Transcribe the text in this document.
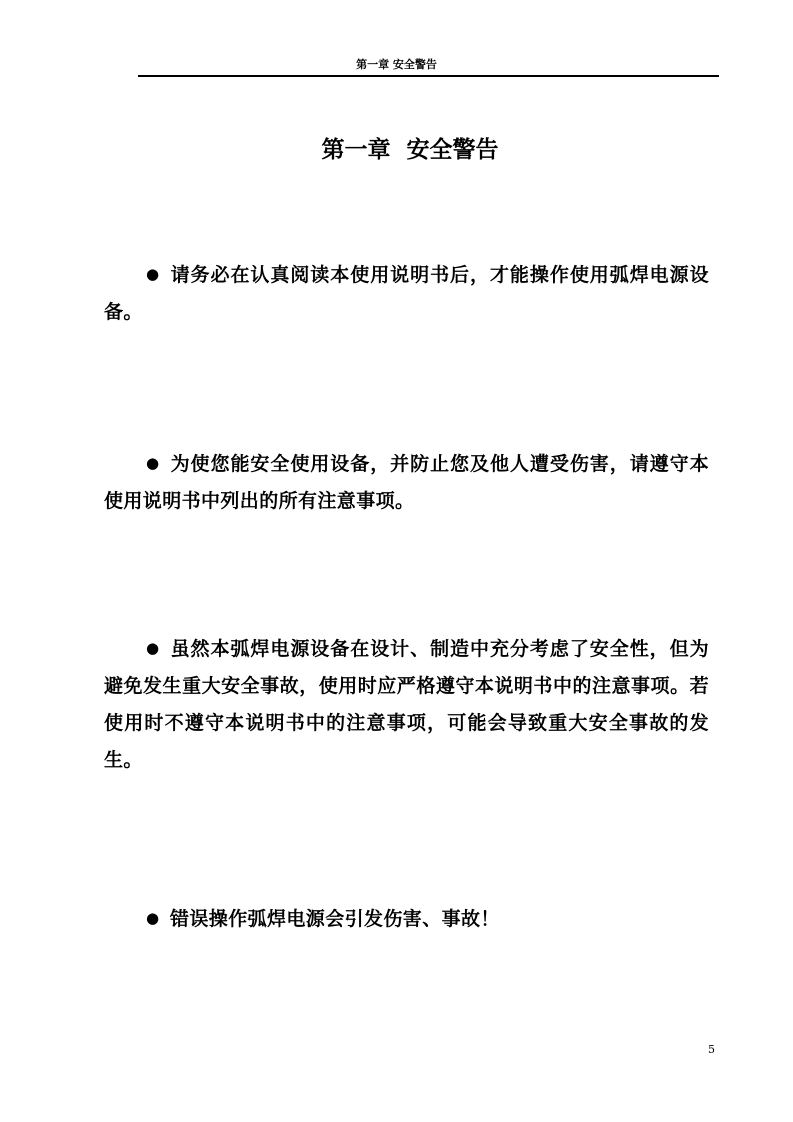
第一章 安全警告
第一章  安全警告

● 请务必在认真阅读本使用说明书后，才能操作使用弧焊电源设备。

● 为使您能安全使用设备，并防止您及他人遭受伤害，请遵守本使用说明书中列出的所有注意事项。

● 虽然本弧焊电源设备在设计、制造中充分考虑了安全性，但为避免发生重大安全事故，使用时应严格遵守本说明书中的注意事项。若使用时不遵守本说明书中的注意事项，可能会导致重大安全事故的发生。

● 错误操作弧焊电源会引发伤害、事故！

5
